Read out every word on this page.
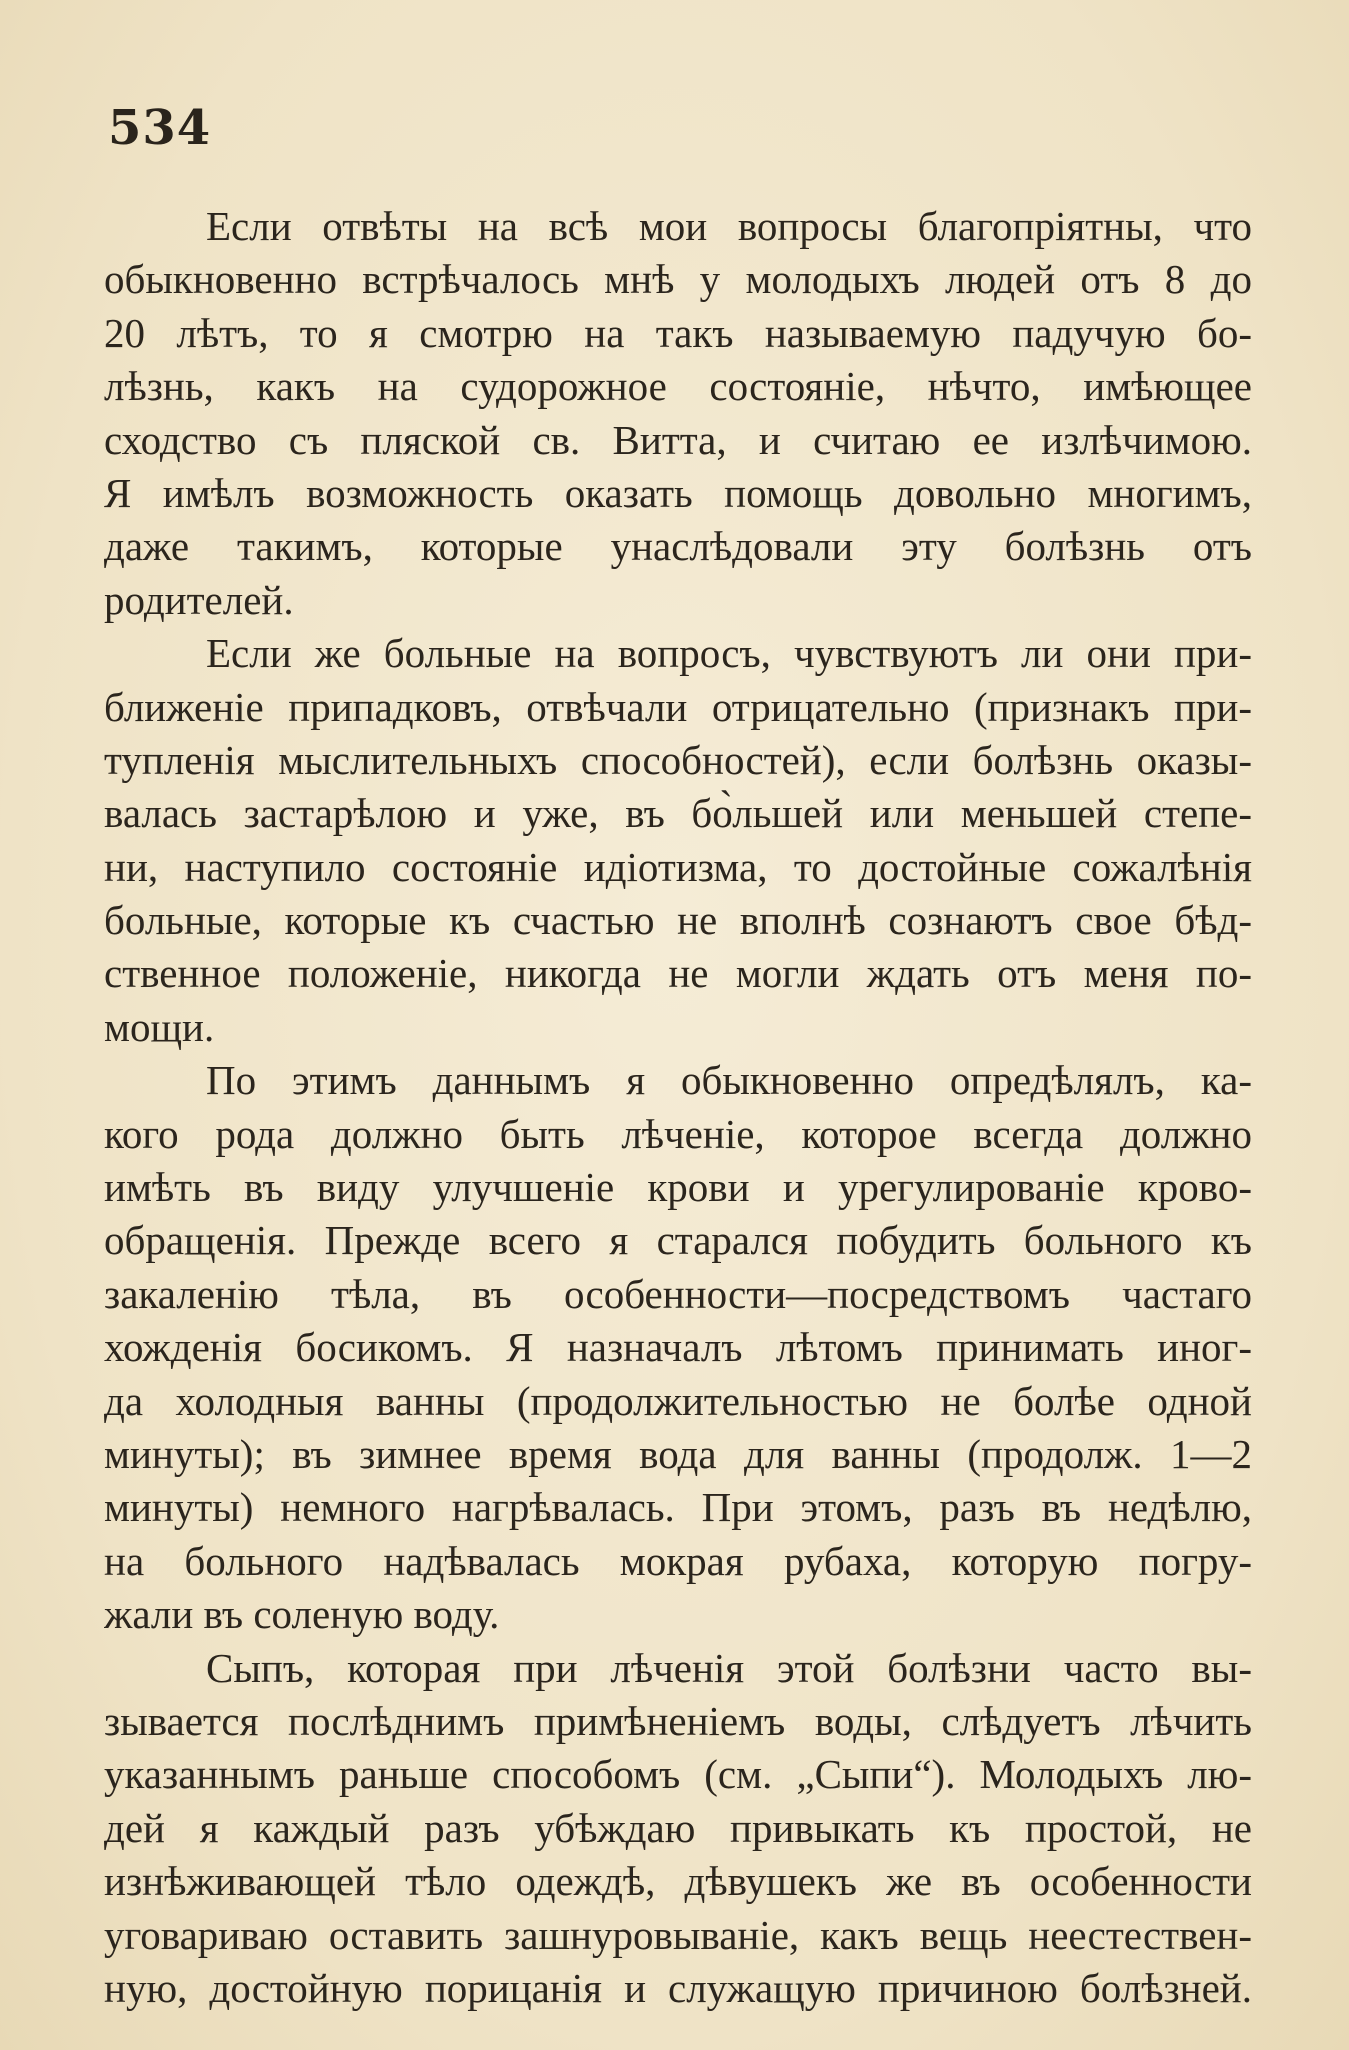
534
Если отвѣты на всѣ мои вопросы благопріятны, что
обыкновенно встрѣчалось мнѣ у молодыхъ людей отъ 8 до
20 лѣтъ, то я смотрю на такъ называемую падучую бо-
лѣзнь, какъ на судорожное состояніе, нѣчто, имѣющее
сходство съ пляской св. Витта, и считаю ее излѣчимою.
Я имѣлъ возможность оказать помощь довольно многимъ,
даже такимъ, которые унаслѣдовали эту болѣзнь отъ
родителей.
Если же больные на вопросъ, чувствуютъ ли они при-
ближеніе припадковъ, отвѣчали отрицательно (признакъ при-
тупленія мыслительныхъ способностей), если болѣзнь оказы-
валась застарѣлою и уже, въ бо̀льшей или меньшей степе-
ни, наступило состояніе идіотизма, то достойные сожалѣнія
больные, которые къ счастью не вполнѣ сознаютъ свое бѣд-
ственное положеніе, никогда не могли ждать отъ меня по-
мощи.
По этимъ даннымъ я обыкновенно опредѣлялъ, ка-
кого рода должно быть лѣченіе, которое всегда должно
имѣть въ виду улучшеніе крови и урегулированіе крово-
обращенія. Прежде всего я старался побудить больного къ
закаленію тѣла, въ особенности—посредствомъ частаго
хожденія босикомъ. Я назначалъ лѣтомъ принимать иног-
да холодныя ванны (продолжительностью не болѣе одной
минуты); въ зимнее время вода для ванны (продолж. 1—2
минуты) немного нагрѣвалась. При этомъ, разъ въ недѣлю,
на больного надѣвалась мокрая рубаха, которую погру-
жали въ соленую воду.
Сыпъ, которая при лѣченія этой болѣзни часто вы-
зывается послѣднимъ примѣненіемъ воды, слѣдуетъ лѣчить
указаннымъ раньше способомъ (см. „Сыпи“). Молодыхъ лю-
дей я каждый разъ убѣждаю привыкать къ простой, не
изнѣживающей тѣло одеждѣ, дѣвушекъ же въ особенности
уговариваю оставить зашнуровываніе, какъ вещь неестествен-
ную, достойную порицанія и служащую причиною болѣзней.
